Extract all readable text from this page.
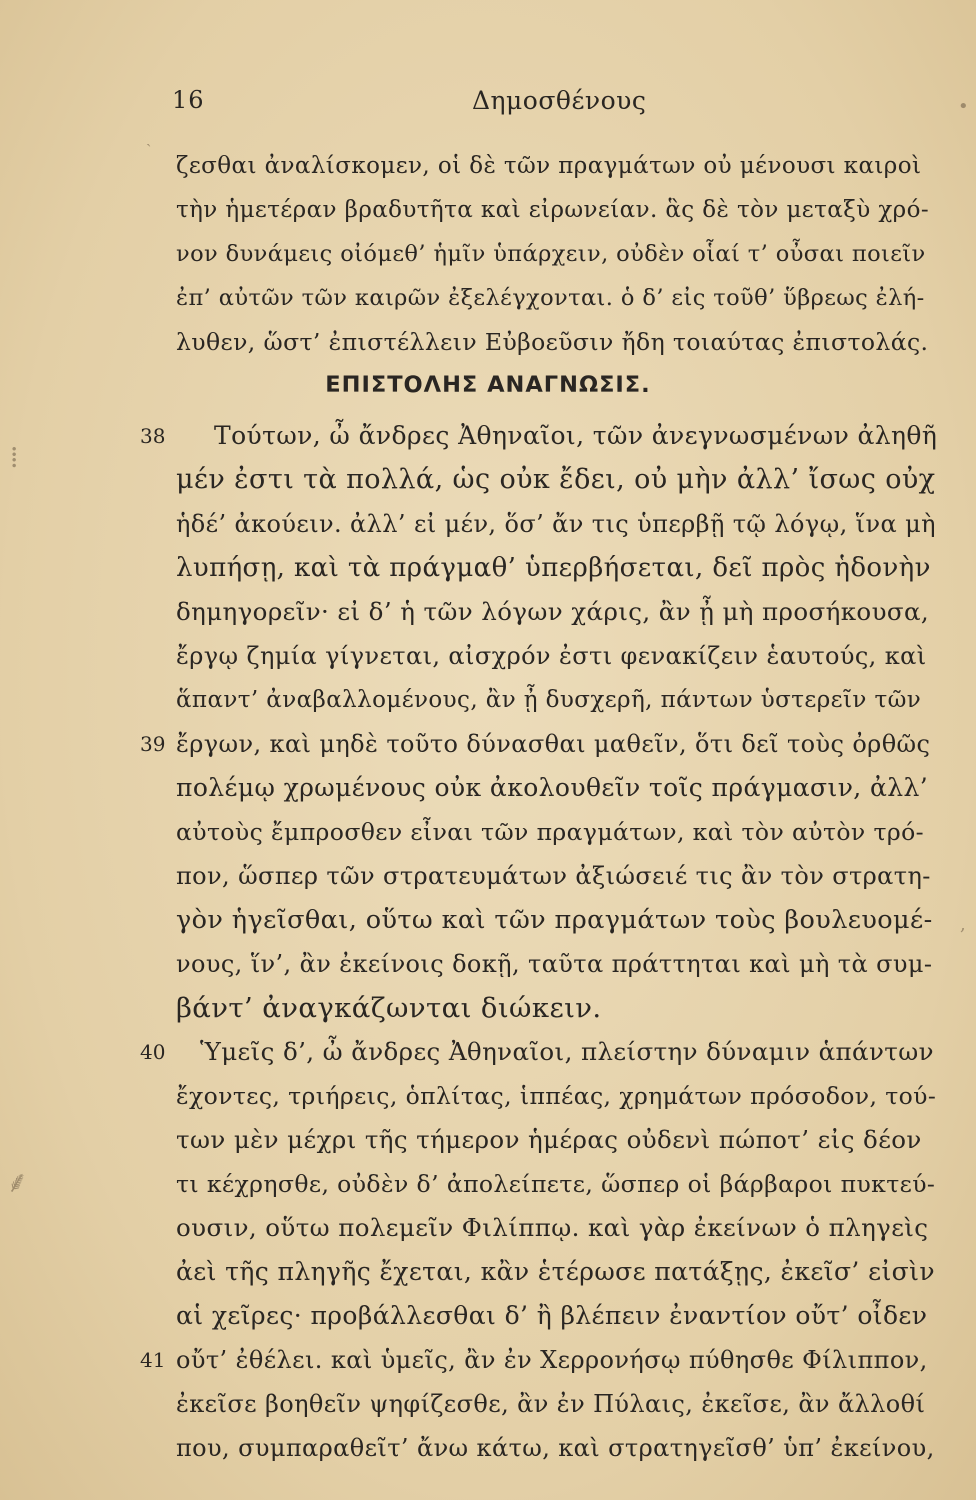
16	Δημοσθένους	•
ˏ
⁞
⸙
,
ζεσθαι ἀναλίσκομεν, οἱ δὲ τῶν πραγμάτων οὐ μένουσι καιροὶ
τὴν ἡμετέραν βραδυτῆτα καὶ εἰρωνείαν. ἃς δὲ τὸν μεταξὺ χρό-
νον δυνάμεις οἰόμεθ’ ἡμῖν ὑπάρχειν, οὐδὲν οἷαί τ’ οὖσαι ποιεῖν
ἐπ’ αὐτῶν τῶν καιρῶν ἐξελέγχονται. ὁ δ’ εἰς τοῦθ’ ὕβρεως ἐλή-
λυθεν, ὥστ’ ἐπιστέλλειν Εὐβοεῦσιν ἤδη τοιαύτας ἐπιστολάς.
ΕΠΙΣΤΟΛΗΣ ΑΝΑΓΝΩΣΙΣ.
38 Τούτων, ὦ ἄνδρες Ἀθηναῖοι, τῶν ἀνεγνωσμένων ἀληθῆ
μέν ἐστι τὰ πολλά, ὡς οὐκ ἔδει, οὐ μὴν ἀλλ’ ἴσως οὐχ
ἡδέ’ ἀκούειν. ἀλλ’ εἰ μέν, ὅσ’ ἄν τις ὑπερβῇ τῷ λόγῳ, ἵνα μὴ
λυπήσῃ, καὶ τὰ πράγμαθ’ ὑπερβήσεται, δεῖ πρὸς ἡδονὴν
δημηγορεῖν· εἰ δ’ ἡ τῶν λόγων χάρις, ἂν ᾖ μὴ προσήκουσα,
ἔργῳ ζημία γίγνεται, αἰσχρόν ἐστι φενακίζειν ἑαυτούς, καὶ
ἅπαντ’ ἀναβαλλομένους, ἂν ᾖ δυσχερῆ, πάντων ὑστερεῖν τῶν
39 ἔργων, καὶ μηδὲ τοῦτο δύνασθαι μαθεῖν, ὅτι δεῖ τοὺς ὀρθῶς
πολέμῳ χρωμένους οὐκ ἀκολουθεῖν τοῖς πράγμασιν, ἀλλ’
αὐτοὺς ἔμπροσθεν εἶναι τῶν πραγμάτων, καὶ τὸν αὐτὸν τρό-
πον, ὥσπερ τῶν στρατευμάτων ἀξιώσειέ τις ἂν τὸν στρατη-
γὸν ἡγεῖσθαι, οὕτω καὶ τῶν πραγμάτων τοὺς βουλευομέ-
νους, ἵν’, ἂν ἐκείνοις δοκῇ, ταῦτα πράττηται καὶ μὴ τὰ συμ-
βάντ’ ἀναγκάζωνται διώκειν.
40 Ὑμεῖς δ’, ὦ ἄνδρες Ἀθηναῖοι, πλείστην δύναμιν ἁπάντων
ἔχοντες, τριήρεις, ὁπλίτας, ἱππέας, χρημάτων πρόσοδον, τού-
των μὲν μέχρι τῆς τήμερον ἡμέρας οὐδενὶ πώποτ’ εἰς δέον
τι κέχρησθε, οὐδὲν δ’ ἀπολείπετε, ὥσπερ οἱ βάρβαροι πυκτεύ-
ουσιν, οὕτω πολεμεῖν Φιλίππῳ. καὶ γὰρ ἐκείνων ὁ πληγεὶς
ἀεὶ τῆς πληγῆς ἔχεται, κἂν ἑτέρωσε πατάξῃς, ἐκεῖσ’ εἰσὶν
αἱ χεῖρες· προβάλλεσθαι δ’ ἢ βλέπειν ἐναντίον οὔτ’ οἶδεν
41 οὔτ’ ἐθέλει. καὶ ὑμεῖς, ἂν ἐν Χερρονήσῳ πύθησθε Φίλιππον,
ἐκεῖσε βοηθεῖν ψηφίζεσθε, ἂν ἐν Πύλαις, ἐκεῖσε, ἂν ἄλλοθί
που, συμπαραθεῖτ’ ἄνω κάτω, καὶ στρατηγεῖσθ’ ὑπ’ ἐκείνου,
